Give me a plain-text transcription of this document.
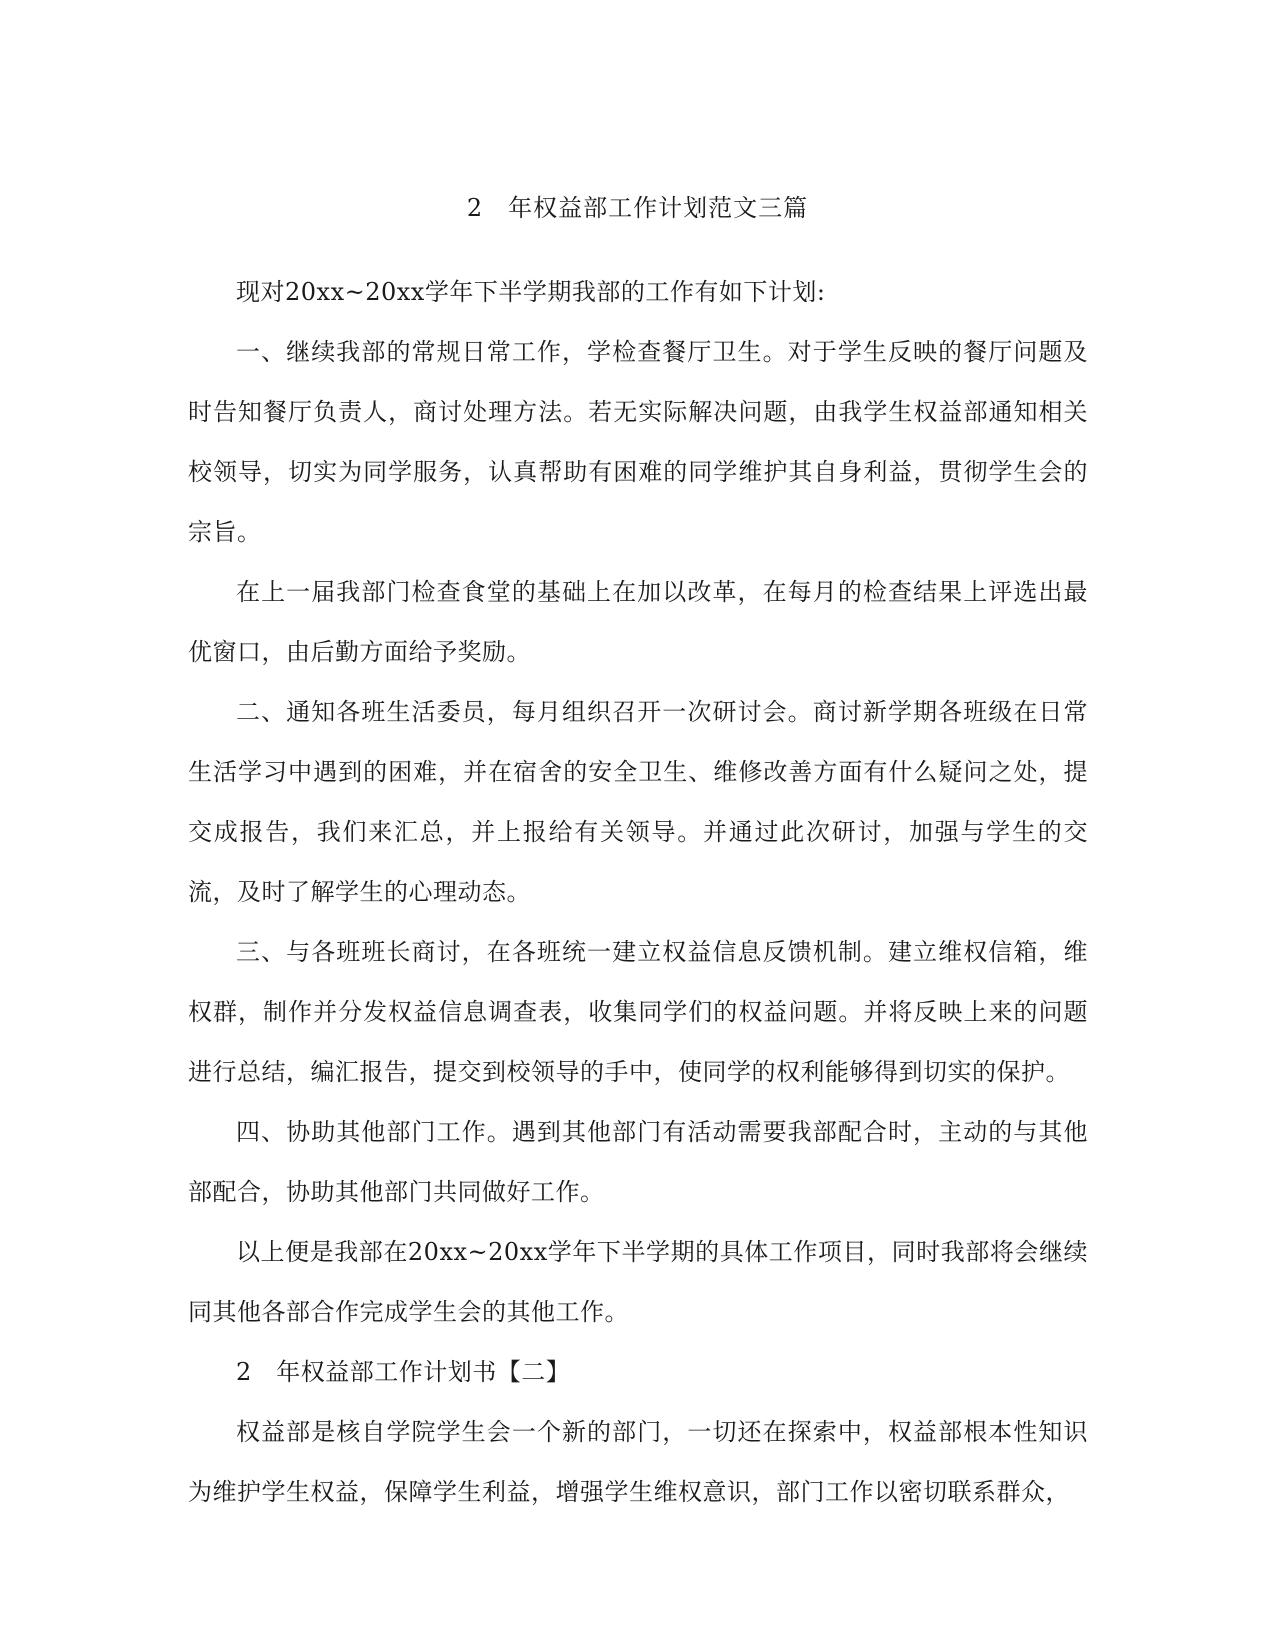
2　年权益部工作计划范文三篇

现对20xx~20xx学年下半学期我部的工作有如下计划:

一、继续我部的常规日常工作，学检查餐厅卫生。对于学生反映的餐厅问题及时告知餐厅负责人，商讨处理方法。若无实际解决问题，由我学生权益部通知相关校领导，切实为同学服务，认真帮助有困难的同学维护其自身利益，贯彻学生会的宗旨。

在上一届我部门检查食堂的基础上在加以改革，在每月的检查结果上评选出最优窗口，由后勤方面给予奖励。

二、通知各班生活委员，每月组织召开一次研讨会。商讨新学期各班级在日常生活学习中遇到的困难，并在宿舍的安全卫生、维修改善方面有什么疑问之处，提交成报告，我们来汇总，并上报给有关领导。并通过此次研讨，加强与学生的交流，及时了解学生的心理动态。

三、与各班班长商讨，在各班统一建立权益信息反馈机制。建立维权信箱，维权群，制作并分发权益信息调查表，收集同学们的权益问题。并将反映上来的问题进行总结，编汇报告，提交到校领导的手中，使同学的权利能够得到切实的保护。

四、协助其他部门工作。遇到其他部门有活动需要我部配合时，主动的与其他部配合，协助其他部门共同做好工作。

以上便是我部在20xx~20xx学年下半学期的具体工作项目，同时我部将会继续同其他各部合作完成学生会的其他工作。

2　年权益部工作计划书【二】

权益部是核自学院学生会一个新的部门，一切还在探索中，权益部根本性知识为维护学生权益，保障学生利益，增强学生维权意识，部门工作以密切联系群众，
